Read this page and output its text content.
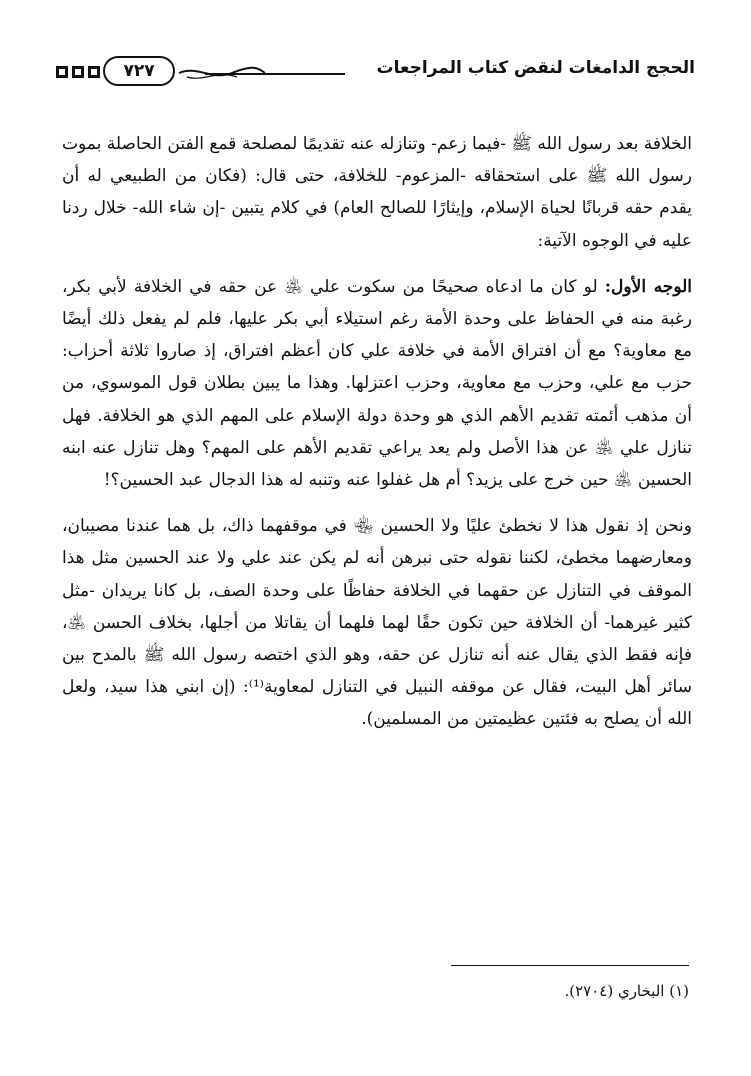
الحجج الدامغات لنقض كتاب المراجعات
٧٢٧

الخلافة بعد رسول الله ﷺ -فيما زعم- وتنازله عنه تقديمًا لمصلحة قمع الفتن الحاصلة بموت رسول الله ﷺ على استحقاقه -المزعوم- للخلافة، حتى قال: (فكان من الطبيعي له أن يقدم حقه قربانًا لحياة الإسلام، وإيثارًا للصالح العام) في كلام يتبين -إن شاء الله- خلال ردنا عليه في الوجوه الآتية:

الوجه الأول: لو كان ما ادعاه صحيحًا من سكوت علي ﵁ عن حقه في الخلافة لأبي بكر، رغبة منه في الحفاظ على وحدة الأمة رغم استيلاء أبي بكر عليها، فلم لم يفعل ذلك أيضًا مع معاوية؟ مع أن افتراق الأمة في خلافة علي كان أعظم افتراق، إذ صاروا ثلاثة أحزاب: حزب مع علي، وحزب مع معاوية، وحزب اعتزلها. وهذا ما يبين بطلان قول الموسوي، من أن مذهب أئمته تقديم الأهم الذي هو وحدة دولة الإسلام على المهم الذي هو الخلافة. فهل تنازل علي ﵁ عن هذا الأصل ولم يعد يراعي تقديم الأهم على المهم؟ وهل تنازل عنه ابنه الحسين ﵁ حين خرج على يزيد؟ أم هل غفلوا عنه وتنبه له هذا الدجال عبد الحسين؟!

ونحن إذ نقول هذا لا نخطئ عليًا ولا الحسين ﵄ في موقفهما ذاك، بل هما عندنا مصيبان، ومعارضهما مخطئ، لكننا نقوله حتى نبرهن أنه لم يكن عند علي ولا عند الحسين مثل هذا الموقف في التنازل عن حقهما في الخلافة حفاظًا على وحدة الصف، بل كانا يريدان -مثل كثير غيرهما- أن الخلافة حين تكون حقًا لهما فلهما أن يقاتلا من أجلها، بخلاف الحسن ﵁، فإنه فقط الذي يقال عنه أنه تنازل عن حقه، وهو الذي اختصه رسول الله ﷺ بالمدح بين سائر أهل البيت، فقال عن موقفه النبيل في التنازل لمعاوية⁽¹⁾: (إن ابني هذا سيد، ولعل الله أن يصلح به فئتين عظيمتين من المسلمين).

(١) البخاري (٢٧٠٤).
